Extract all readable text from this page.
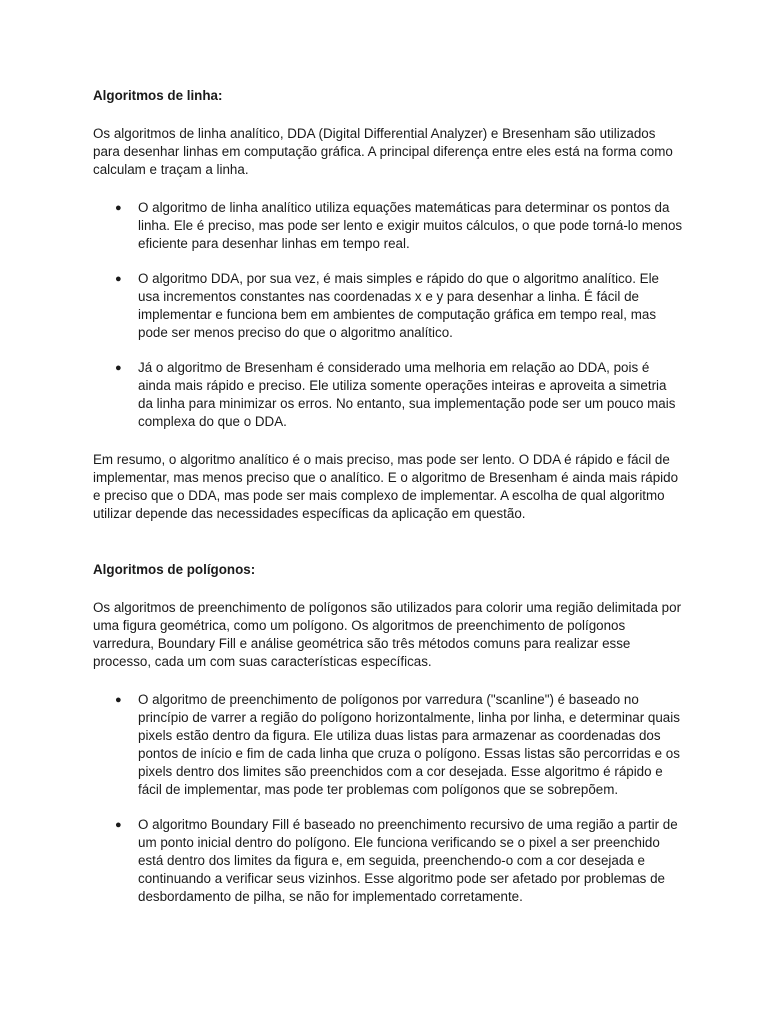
Algoritmos de linha:

Os algoritmos de linha analítico, DDA (Digital Differential Analyzer) e Bresenham são utilizados para desenhar linhas em computação gráfica. A principal diferença entre eles está na forma como calculam e traçam a linha.

● O algoritmo de linha analítico utiliza equações matemáticas para determinar os pontos da linha. Ele é preciso, mas pode ser lento e exigir muitos cálculos, o que pode torná-lo menos eficiente para desenhar linhas em tempo real.
● O algoritmo DDA, por sua vez, é mais simples e rápido do que o algoritmo analítico. Ele usa incrementos constantes nas coordenadas x e y para desenhar a linha. É fácil de implementar e funciona bem em ambientes de computação gráfica em tempo real, mas pode ser menos preciso do que o algoritmo analítico.
● Já o algoritmo de Bresenham é considerado uma melhoria em relação ao DDA, pois é ainda mais rápido e preciso. Ele utiliza somente operações inteiras e aproveita a simetria da linha para minimizar os erros. No entanto, sua implementação pode ser um pouco mais complexa do que o DDA.

Em resumo, o algoritmo analítico é o mais preciso, mas pode ser lento. O DDA é rápido e fácil de implementar, mas menos preciso que o analítico. E o algoritmo de Bresenham é ainda mais rápido e preciso que o DDA, mas pode ser mais complexo de implementar. A escolha de qual algoritmo utilizar depende das necessidades específicas da aplicação em questão.

Algoritmos de polígonos:

Os algoritmos de preenchimento de polígonos são utilizados para colorir uma região delimitada por uma figura geométrica, como um polígono. Os algoritmos de preenchimento de polígonos varredura, Boundary Fill e análise geométrica são três métodos comuns para realizar esse processo, cada um com suas características específicas.

● O algoritmo de preenchimento de polígonos por varredura ("scanline") é baseado no princípio de varrer a região do polígono horizontalmente, linha por linha, e determinar quais pixels estão dentro da figura. Ele utiliza duas listas para armazenar as coordenadas dos pontos de início e fim de cada linha que cruza o polígono. Essas listas são percorridas e os pixels dentro dos limites são preenchidos com a cor desejada. Esse algoritmo é rápido e fácil de implementar, mas pode ter problemas com polígonos que se sobrepõem.
● O algoritmo Boundary Fill é baseado no preenchimento recursivo de uma região a partir de um ponto inicial dentro do polígono. Ele funciona verificando se o pixel a ser preenchido está dentro dos limites da figura e, em seguida, preenchendo-o com a cor desejada e continuando a verificar seus vizinhos. Esse algoritmo pode ser afetado por problemas de desbordamento de pilha, se não for implementado corretamente.
